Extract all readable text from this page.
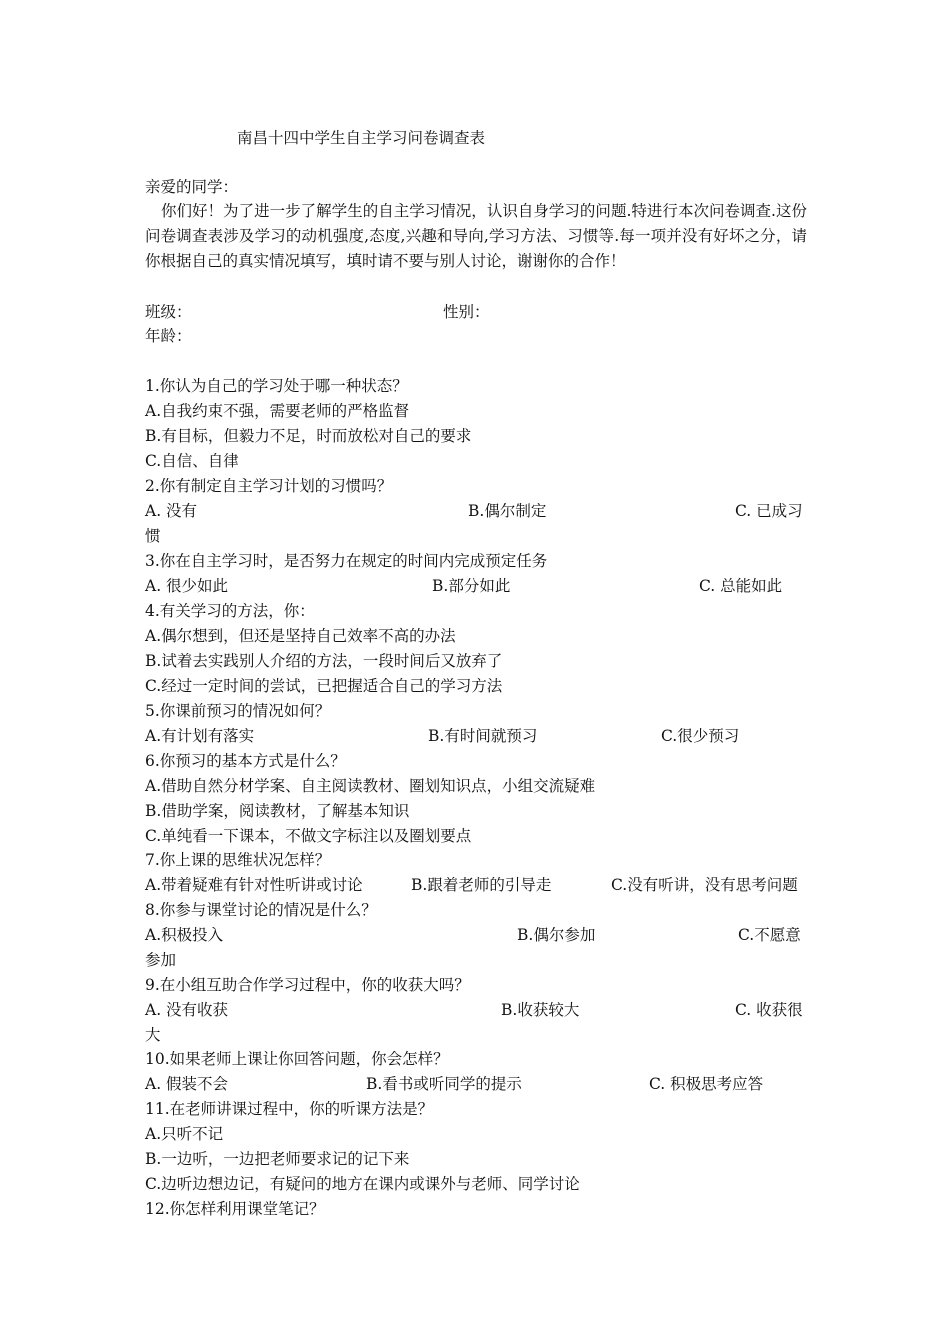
南昌十四中学生自主学习问卷调查表
亲爱的同学：

你们好！为了进一步了解学生的自主学习情况，认识自身学习的问题.特进行本次问卷调查.这份问卷调查表涉及学习的动机强度,态度,兴趣和导向,学习方法、习惯等.每一项并没有好坏之分，请你根据自己的真实情况填写，填时请不要与别人讨论，谢谢你的合作！

班级：	性别：
年龄：
1.你认为自己的学习处于哪一种状态？
A.自我约束不强，需要老师的严格监督
B.有目标，但毅力不足，时而放松对自己的要求
C.自信、自律
2.你有制定自主学习计划的习惯吗？
A. 没有	B.偶尔制定	C. 已成习
惯
3.你在自主学习时，是否努力在规定的时间内完成预定任务
A. 很少如此	B.部分如此	C. 总能如此
4.有关学习的方法，你：
A.偶尔想到，但还是坚持自己效率不高的办法
B.试着去实践别人介绍的方法，一段时间后又放弃了
C.经过一定时间的尝试，已把握适合自己的学习方法
5.你课前预习的情况如何？
A.有计划有落实	B.有时间就预习	C.很少预习
6.你预习的基本方式是什么？
A.借助自然分材学案、自主阅读教材、圈划知识点，小组交流疑难
B.借助学案，阅读教材，了解基本知识
C.单纯看一下课本，不做文字标注以及圈划要点
7.你上课的思维状况怎样？
A.带着疑难有针对性听讲或讨论	B.跟着老师的引导走	C.没有听讲，没有思考问题
8.你参与课堂讨论的情况是什么？
A.积极投入	B.偶尔参加	C.不愿意
参加
9.在小组互助合作学习过程中，你的收获大吗？
A. 没有收获	B.收获较大	C. 收获很
大
10.如果老师上课让你回答问题，你会怎样？
A. 假装不会	B.看书或听同学的提示	C. 积极思考应答
11.在老师讲课过程中，你的听课方法是？
A.只听不记
B.一边听，一边把老师要求记的记下来
C.边听边想边记，有疑问的地方在课内或课外与老师、同学讨论
12.你怎样利用课堂笔记？
